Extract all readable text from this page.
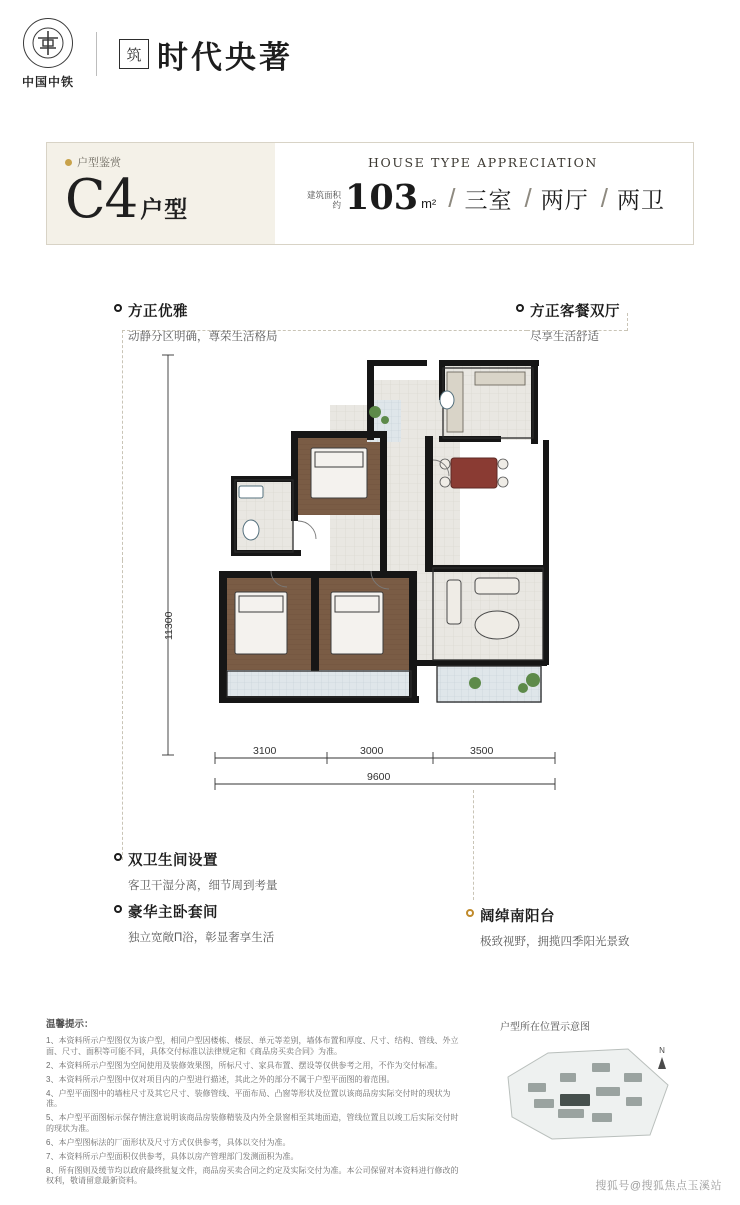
中国中铁
筑 时代央著
户型鉴赏
C4 户型
HOUSE TYPE APPRECIATION
建筑面积
约 103 m² / 三室 / 两厅 / 两卫
方正优雅
动静分区明确，尊荣生活格局
方正客餐双厅
尽享生活舒适
双卫生间设置
客卫干湿分离，细节周到考量
豪华主卧套间
独立宽敞П浴，彰显奢享生活
阔绰南阳台
极致视野，拥揽四季阳光景致
11300
3100	3000	3500
9600
温馨提示：

1、本资料所示户型图仅为该户型，相同户型因楼栋、楼层、单元等差别，墙体布置和厚度、尺寸、结构、管线、外立面、尺寸、面积等可能不同，具体交付标准以法律规定和《商品房买卖合同》为准。

2、本资料所示户型图为空间使用及装修效果图，所标尺寸、家具布置、摆设等仅供参考之用，不作为交付标准。

3、本资料所示户型图中仅对项目内的户型进行描述，其此之外的部分不属于户型平面图的着范围。

4、户型平面图中的墙柱尺寸及其它尺寸、装修管线、平面布局、凸窗等形状及位置以该商品房实际交付时的现状为准。

5、本户型平面图标示保存情注意说明该商品房装修精装及内外全景窗相至其地面造，管线位置且以竣工后实际交付时的现状为准。

6、本户型图标法的厂面形状及尺寸方式仅供参考，具体以交付为准。

7、本资料所示户型面积仅供参考，具体以房产管理部门发测面积为准。

8、所有图则及缓节均以政府最终批复文件，商品房买卖合同之约定及实际交付为准。本公司保留对本资料进行修改的权利，敬请留意最新资料。

户型所在位置示意图
N
搜狐号@搜狐焦点玉溪站
